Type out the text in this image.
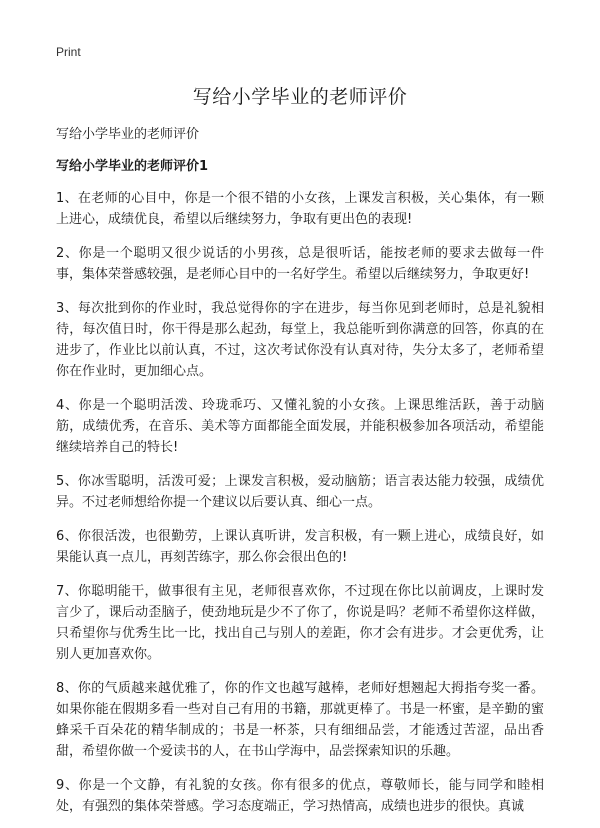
Print
写给小学毕业的老师评价
写给小学毕业的老师评价
写给小学毕业的老师评价1

1、在老师的心目中，你是一个很不错的小女孩，上课发言积极，关心集体，有一颗上进心，成绩优良，希望以后继续努力，争取有更出色的表现!

2、你是一个聪明又很少说话的小男孩，总是很听话，能按老师的要求去做每一件事，集体荣誉感较强，是老师心目中的一名好学生。希望以后继续努力，争取更好!

3、每次批到你的作业时，我总觉得你的字在进步，每当你见到老师时，总是礼貌相待，每次值日时，你干得是那么起劲，每堂上，我总能听到你满意的回答，你真的在进步了，作业比以前认真，不过，这次考试你没有认真对待，失分太多了，老师希望你在作业时，更加细心点。

4、你是一个聪明活泼、玲珑乖巧、又懂礼貌的小女孩。上课思维活跃，善于动脑筋，成绩优秀，在音乐、美术等方面都能全面发展，并能积极参加各项活动，希望能继续培养自己的特长!

5、你冰雪聪明，活泼可爱；上课发言积极，爱动脑筋；语言表达能力较强，成绩优异。不过老师想给你提一个建议以后要认真、细心一点。

6、你很活泼，也很勤劳，上课认真听讲，发言积极，有一颗上进心，成绩良好，如果能认真一点儿，再刻苦练字，那么你会很出色的!

7、你聪明能干，做事很有主见，老师很喜欢你，不过现在你比以前调皮，上课时发言少了，课后动歪脑子，使劲地玩是少不了你了，你说是吗？老师不希望你这样做，只希望你与优秀生比一比，找出自己与别人的差距，你才会有进步。才会更优秀，让别人更加喜欢你。

8、你的气质越来越优雅了，你的作文也越写越棒，老师好想翘起大拇指夸奖一番。如果你能在假期多看一些对自己有用的书籍，那就更棒了。书是一杯蜜，是辛勤的蜜蜂采千百朵花的精华制成的；书是一杯茶，只有细细品尝，才能透过苦涩，品出香甜，希望你做一个爱读书的人，在书山学海中，品尝探索知识的乐趣。

9、你是一个文静，有礼貌的女孩。你有很多的优点，尊敬师长，能与同学和睦相处，有强烈的集体荣誉感。学习态度端正，学习热情高，成绩也进步的很快。真诚
